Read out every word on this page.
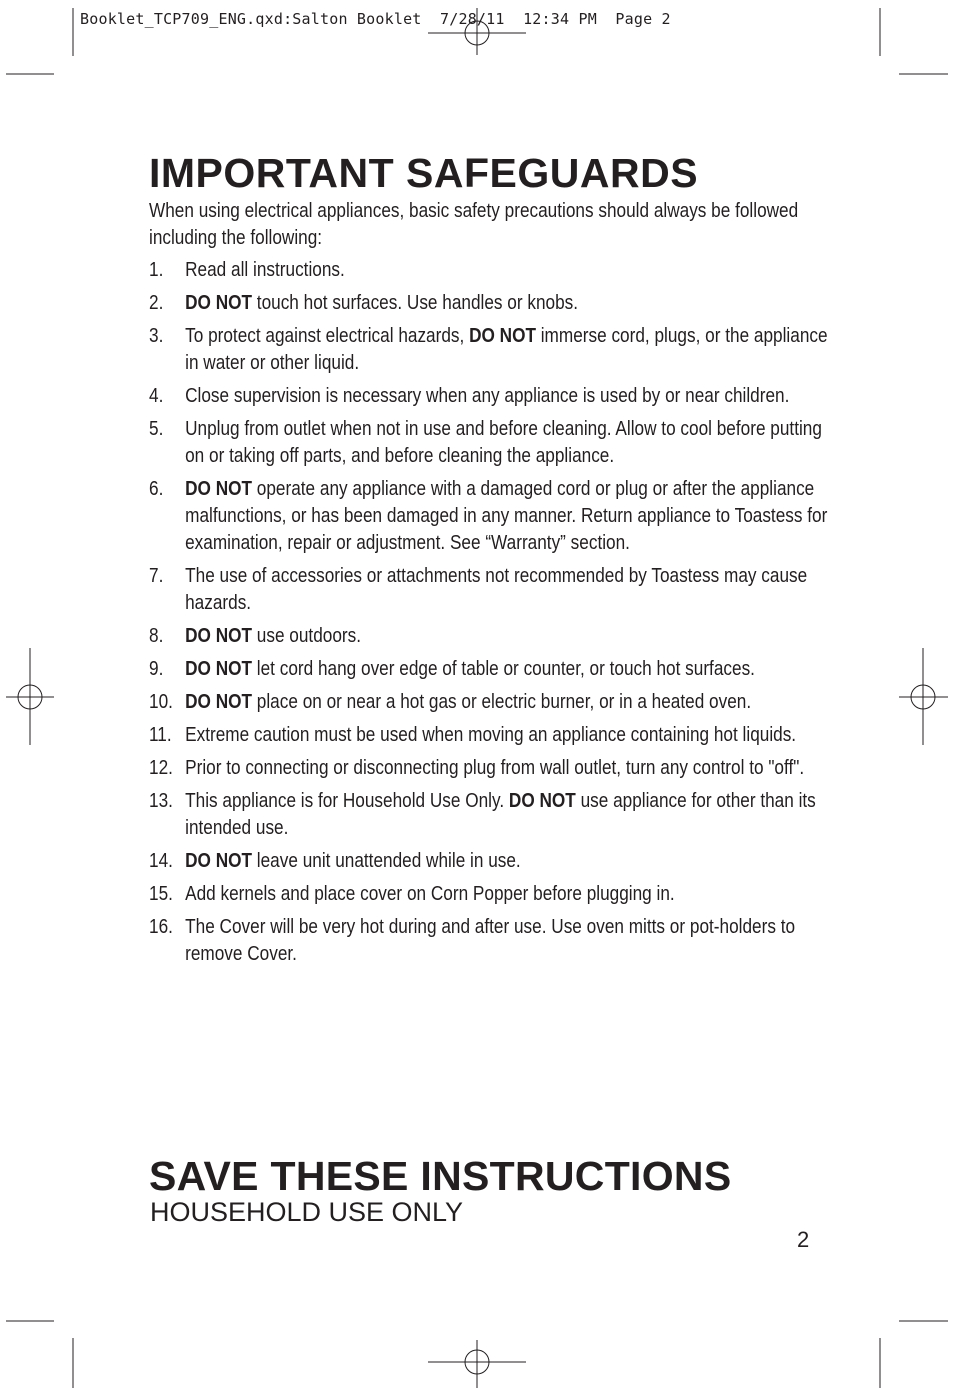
Booklet_TCP709_ENG.qxd:Salton Booklet  7/28/11  12:34 PM  Page 2
IMPORTANT SAFEGUARDS

When using electrical appliances, basic safety precautions should always be followed including the following:

1. Read all instructions.
2. DO NOT touch hot surfaces. Use handles or knobs.
3. To protect against electrical hazards, DO NOT immerse cord, plugs, or the appliance in water or other liquid.
4. Close supervision is necessary when any appliance is used by or near children.
5. Unplug from outlet when not in use and before cleaning. Allow to cool before putting on or taking off parts, and before cleaning the appliance.
6. DO NOT operate any appliance with a damaged cord or plug or after the appliance malfunctions, or has been damaged in any manner. Return appliance to Toastess for examination, repair or adjustment. See “Warranty” section.
7. The use of accessories or attachments not recommended by Toastess may cause hazards.
8. DO NOT use outdoors.
9. DO NOT let cord hang over edge of table or counter, or touch hot surfaces.
10. DO NOT place on or near a hot gas or electric burner, or in a heated oven.
11. Extreme caution must be used when moving an appliance containing hot liquids.
12. Prior to connecting or disconnecting plug from wall outlet, turn any control to "off".
13. This appliance is for Household Use Only. DO NOT use appliance for other than its intended use.
14. DO NOT leave unit unattended while in use.
15. Add kernels and place cover on Corn Popper before plugging in.
16. The Cover will be very hot during and after use. Use oven mitts or pot-holders to remove Cover.
SAVE THESE INSTRUCTIONS
HOUSEHOLD USE ONLY
2
